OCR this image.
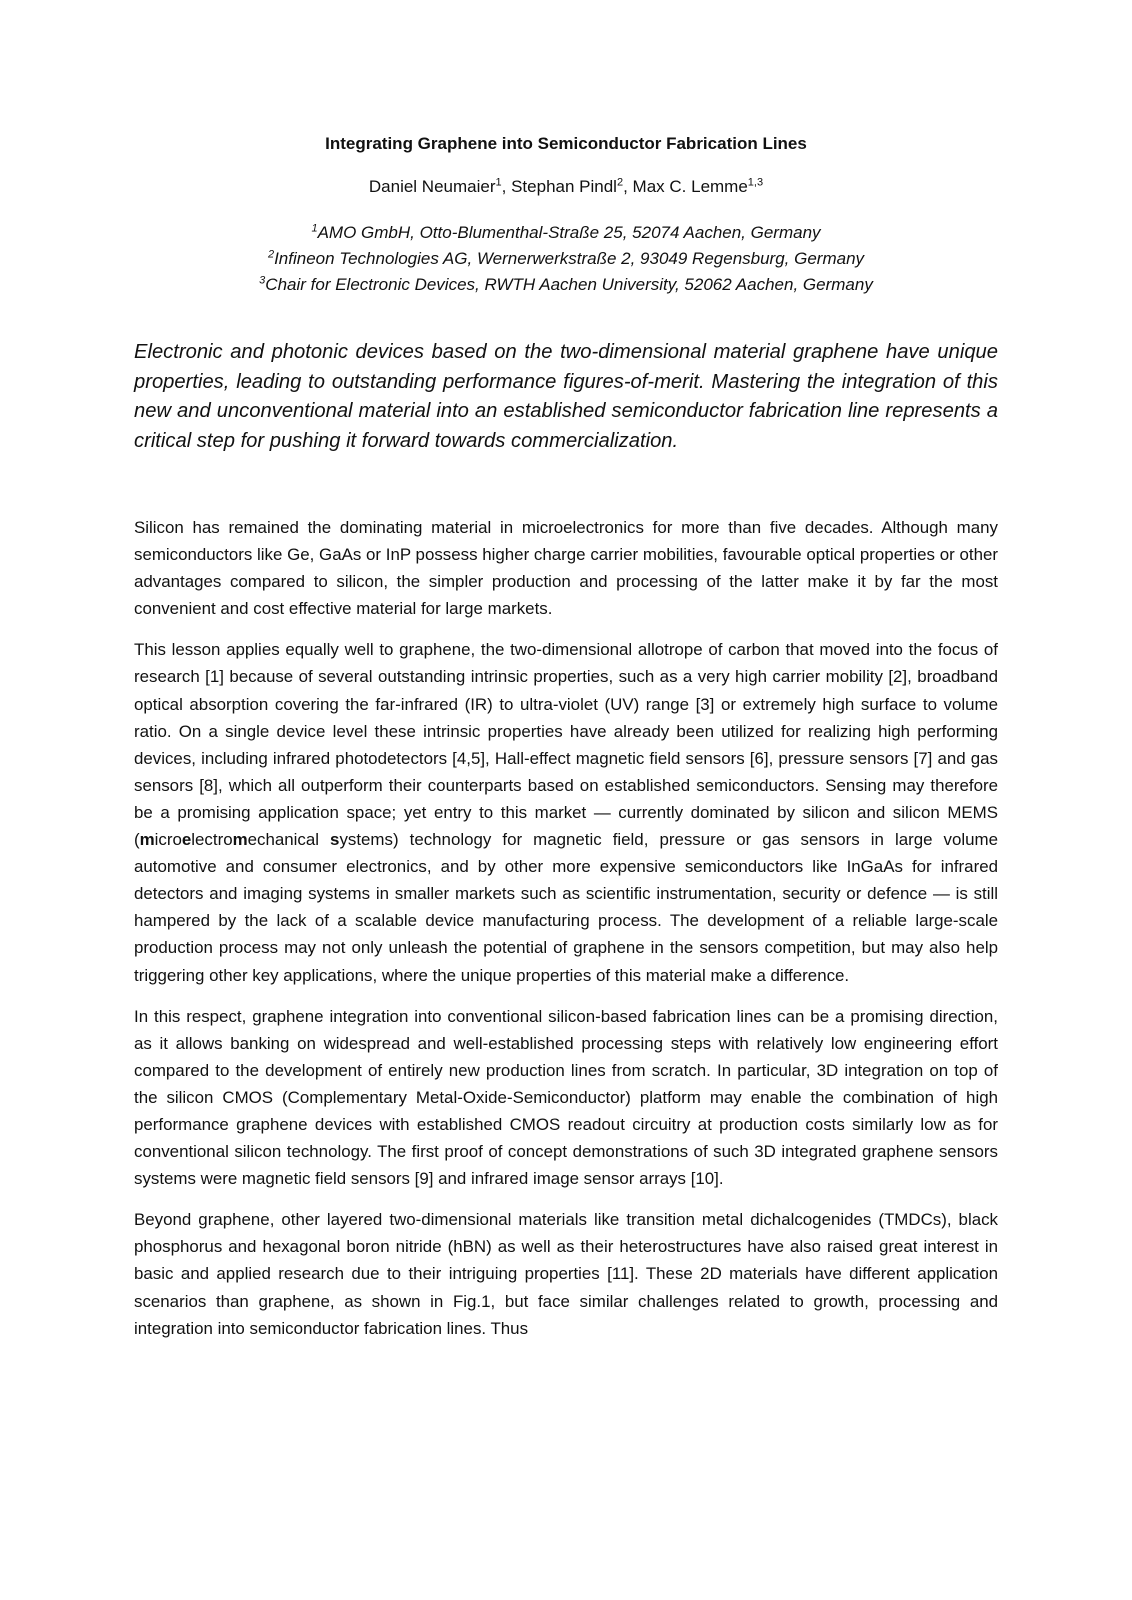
Integrating Graphene into Semiconductor Fabrication Lines
Daniel Neumaier$^1$, Stephan Pindl$^2$, Max C. Lemme$^{1,3}$
$^1$AMO GmbH, Otto-Blumenthal-Straße 25, 52074 Aachen, Germany
$^2$Infineon Technologies AG, Wernerwerkstraße 2, 93049 Regensburg, Germany
$^3$Chair for Electronic Devices, RWTH Aachen University, 52062 Aachen, Germany

Electronic and photonic devices based on the two-dimensional material graphene have unique properties, leading to outstanding performance figures-of-merit. Mastering the integration of this new and unconventional material into an established semiconductor fabrication line represents a critical step for pushing it forward towards commercialization.

Silicon has remained the dominating material in microelectronics for more than five decades. Although many semiconductors like Ge, GaAs or InP possess higher charge carrier mobilities, favourable optical properties or other advantages compared to silicon, the simpler production and processing of the latter make it by far the most convenient and cost effective material for large markets.

This lesson applies equally well to graphene, the two-dimensional allotrope of carbon that moved into the focus of research [1] because of several outstanding intrinsic properties, such as a very high carrier mobility [2], broadband optical absorption covering the far-infrared (IR) to ultra-violet (UV) range [3] or extremely high surface to volume ratio. On a single device level these intrinsic properties have already been utilized for realizing high performing devices, including infrared photodetectors [4,5], Hall-effect magnetic field sensors [6], pressure sensors [7] and gas sensors [8], which all outperform their counterparts based on established semiconductors. Sensing may therefore be a promising application space; yet entry to this market — currently dominated by silicon and silicon MEMS (microelectromechanical systems) technology for magnetic field, pressure or gas sensors in large volume automotive and consumer electronics, and by other more expensive semiconductors like InGaAs for infrared detectors and imaging systems in smaller markets such as scientific instrumentation, security or defence — is still hampered by the lack of a scalable device manufacturing process. The development of a reliable large-scale production process may not only unleash the potential of graphene in the sensors competition, but may also help triggering other key applications, where the unique properties of this material make a difference.

In this respect, graphene integration into conventional silicon-based fabrication lines can be a promising direction, as it allows banking on widespread and well-established processing steps with relatively low engineering effort compared to the development of entirely new production lines from scratch. In particular, 3D integration on top of the silicon CMOS (Complementary Metal-Oxide-Semiconductor) platform may enable the combination of high performance graphene devices with established CMOS readout circuitry at production costs similarly low as for conventional silicon technology. The first proof of concept demonstrations of such 3D integrated graphene sensors systems were magnetic field sensors [9] and infrared image sensor arrays [10].

Beyond graphene, other layered two-dimensional materials like transition metal dichalcogenides (TMDCs), black phosphorus and hexagonal boron nitride (hBN) as well as their heterostructures have also raised great interest in basic and applied research due to their intriguing properties [11]. These 2D materials have different application scenarios than graphene, as shown in Fig.1, but face similar challenges related to growth, processing and integration into semiconductor fabrication lines. Thus
